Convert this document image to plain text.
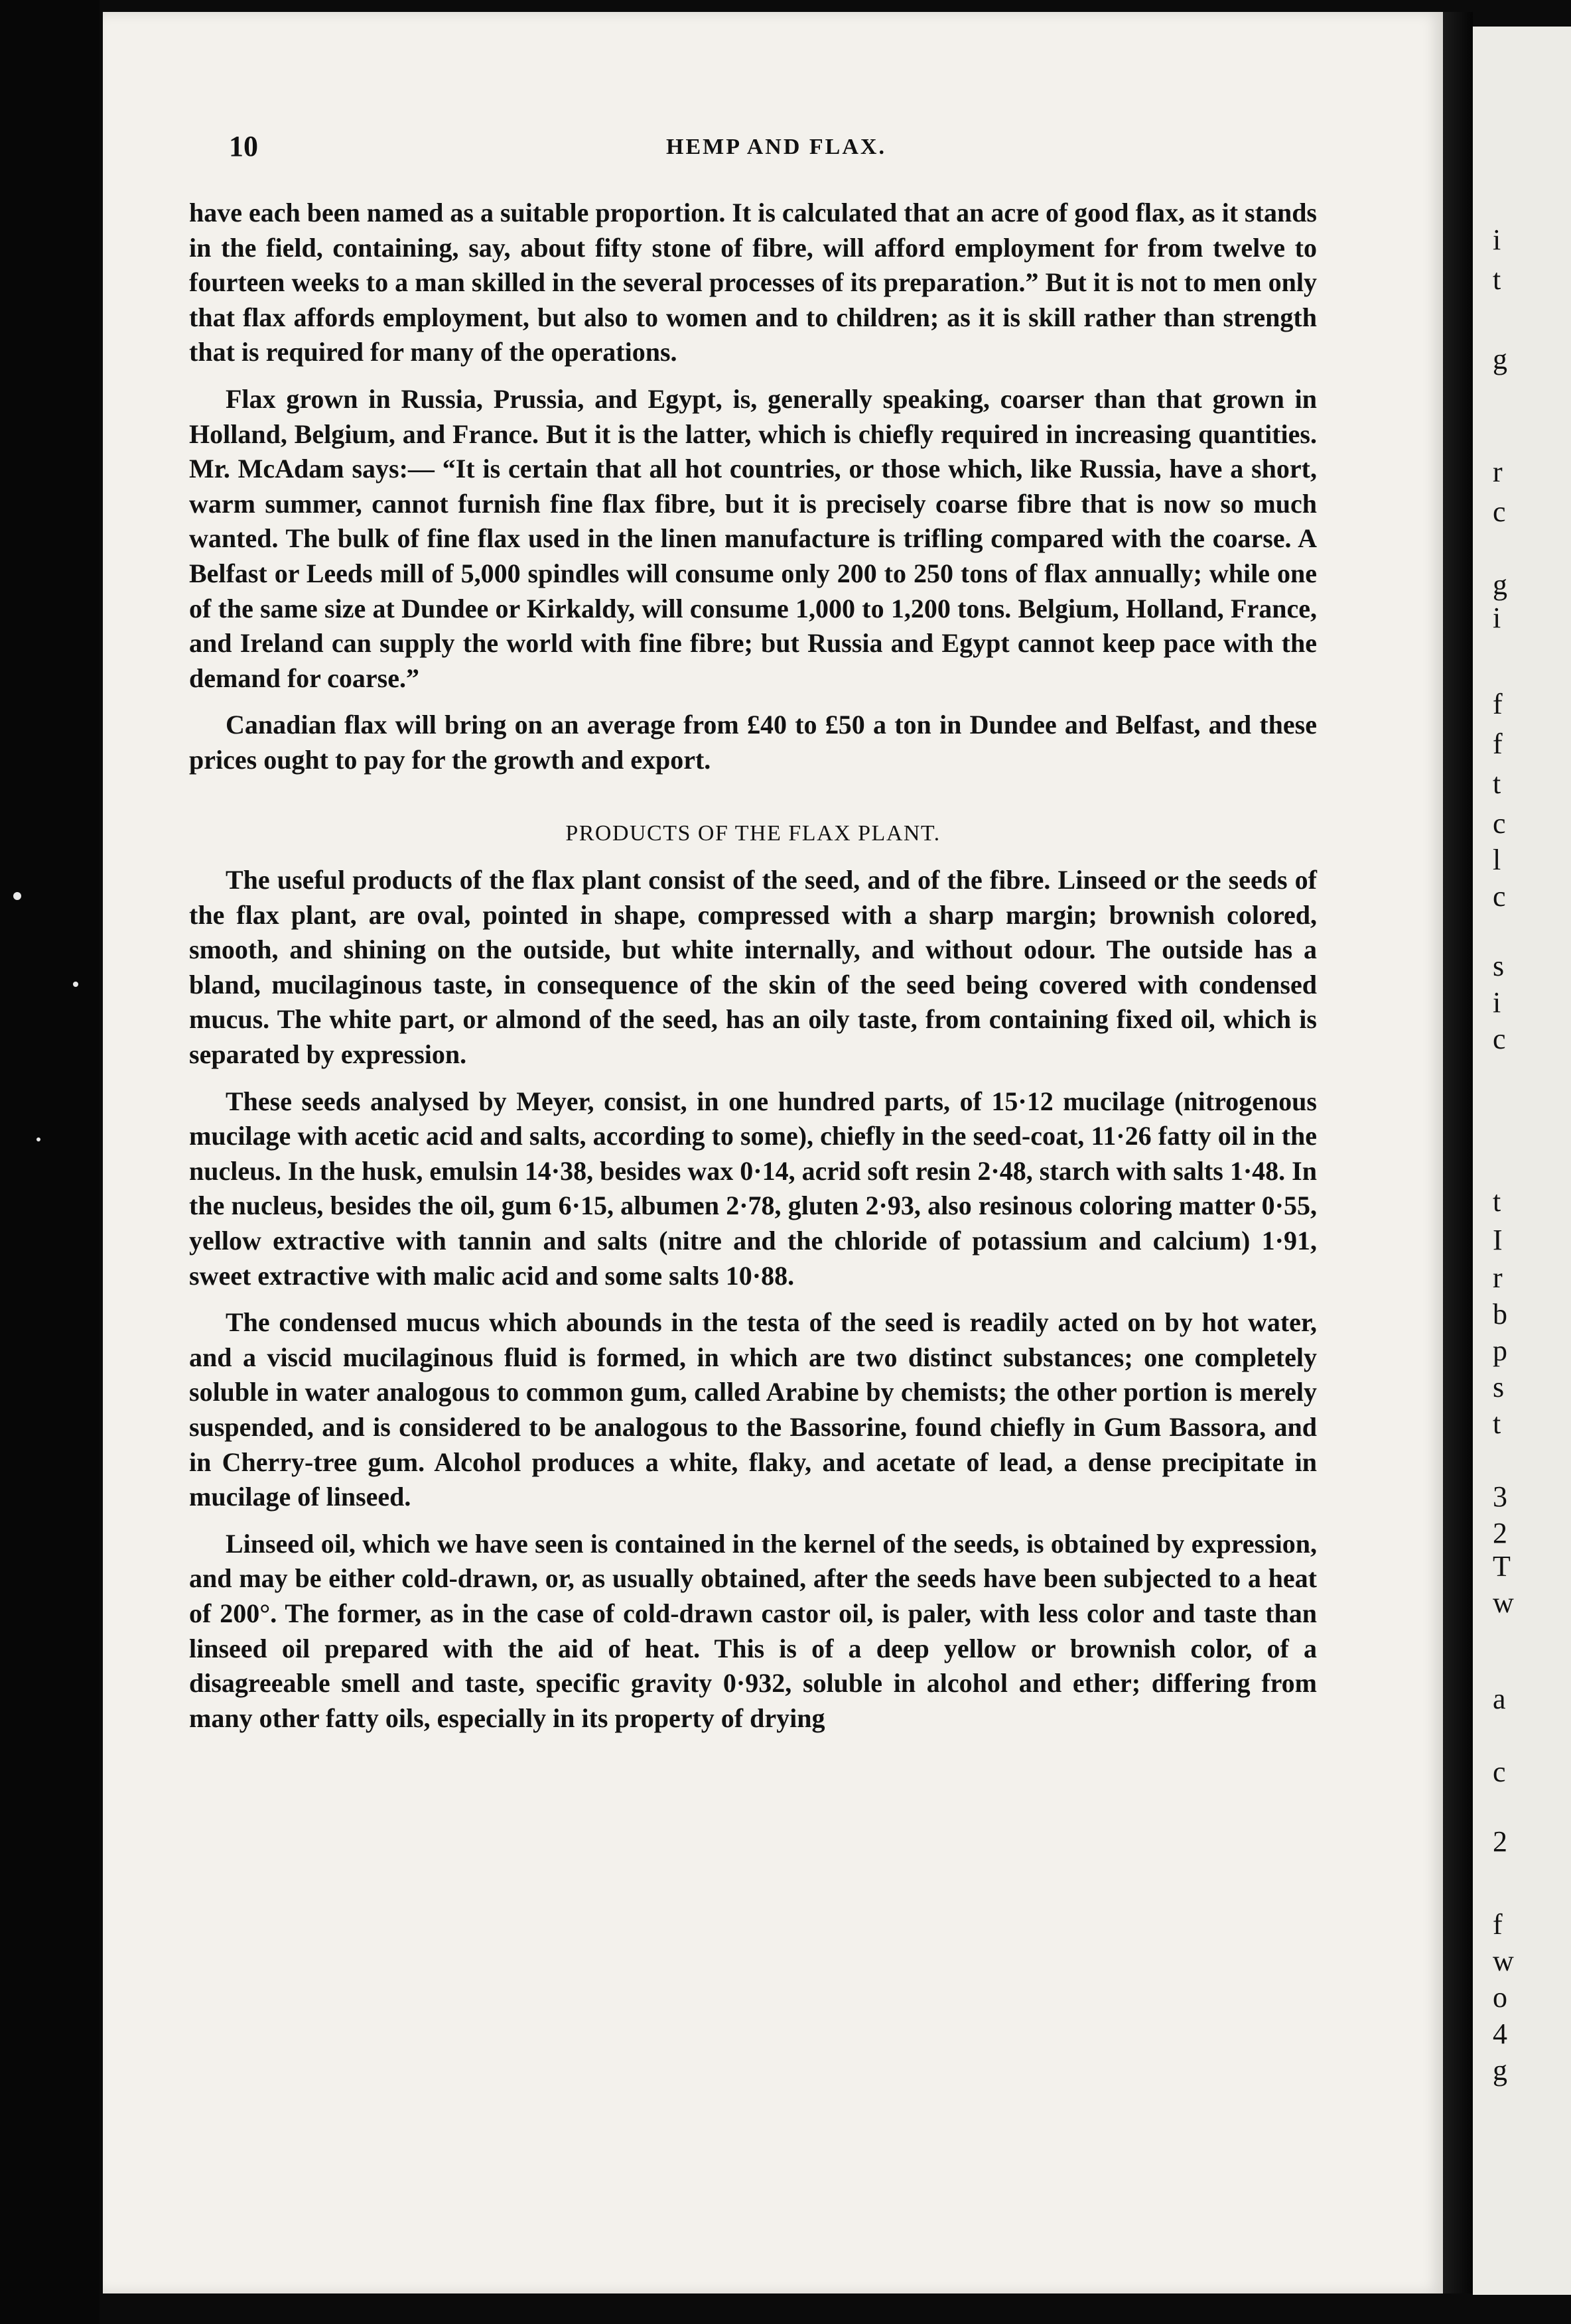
i
t
g
r
c
g
i
f
f
t
c
l
c
s
i
c
t
I
r
b
p
s
t
3
2
T
w
a
c
2
f
w
o
4
g
10	HEMP AND FLAX.

have each been named as a suitable proportion. It is calculated that an acre of good flax, as it stands in the field, containing, say, about fifty stone of fibre, will afford employment for from twelve to fourteen weeks to a man skilled in the several processes of its preparation.” But it is not to men only that flax affords employment, but also to women and to children; as it is skill rather than strength that is required for many of the operations.

Flax grown in Russia, Prussia, and Egypt, is, generally speaking, coarser than that grown in Holland, Belgium, and France. But it is the latter, which is chiefly required in increasing quantities. Mr. McAdam says:— “It is certain that all hot countries, or those which, like Russia, have a short, warm summer, cannot furnish fine flax fibre, but it is precisely coarse fibre that is now so much wanted. The bulk of fine flax used in the linen manufacture is trifling compared with the coarse. A Belfast or Leeds mill of 5,000 spindles will consume only 200 to 250 tons of flax annually; while one of the same size at Dundee or Kirkaldy, will consume 1,000 to 1,200 tons. Belgium, Holland, France, and Ireland can supply the world with fine fibre; but Russia and Egypt cannot keep pace with the demand for coarse.”

Canadian flax will bring on an average from £40 to £50 a ton in Dundee and Belfast, and these prices ought to pay for the growth and export.

PRODUCTS OF THE FLAX PLANT.

The useful products of the flax plant consist of the seed, and of the fibre. Linseed or the seeds of the flax plant, are oval, pointed in shape, compressed with a sharp margin; brownish colored, smooth, and shining on the outside, but white internally, and without odour. The outside has a bland, mucilaginous taste, in consequence of the skin of the seed being covered with condensed mucus. The white part, or almond of the seed, has an oily taste, from containing fixed oil, which is separated by expression.

These seeds analysed by Meyer, consist, in one hundred parts, of 15·12 mucilage (nitrogenous mucilage with acetic acid and salts, according to some), chiefly in the seed-coat, 11·26 fatty oil in the nucleus. In the husk, emulsin 14·38, besides wax 0·14, acrid soft resin 2·48, starch with salts 1·48. In the nucleus, besides the oil, gum 6·15, albumen 2·78, gluten 2·93, also resinous coloring matter 0·55, yellow extractive with tannin and salts (nitre and the chloride of potassium and calcium) 1·91, sweet extractive with malic acid and some salts 10·88.

The condensed mucus which abounds in the testa of the seed is readily acted on by hot water, and a viscid mucilaginous fluid is formed, in which are two distinct substances; one completely soluble in water analogous to common gum, called Arabine by chemists; the other portion is merely suspended, and is considered to be analogous to the Bassorine, found chiefly in Gum Bassora, and in Cherry-tree gum. Alcohol produces a white, flaky, and acetate of lead, a dense precipitate in mucilage of linseed.

Linseed oil, which we have seen is contained in the kernel of the seeds, is obtained by expression, and may be either cold-drawn, or, as usually obtained, after the seeds have been subjected to a heat of 200°. The former, as in the case of cold-drawn castor oil, is paler, with less color and taste than linseed oil prepared with the aid of heat. This is of a deep yellow or brownish color, of a disagreeable smell and taste, specific gravity 0·932, soluble in alcohol and ether; differing from many other fatty oils, especially in its property of drying
